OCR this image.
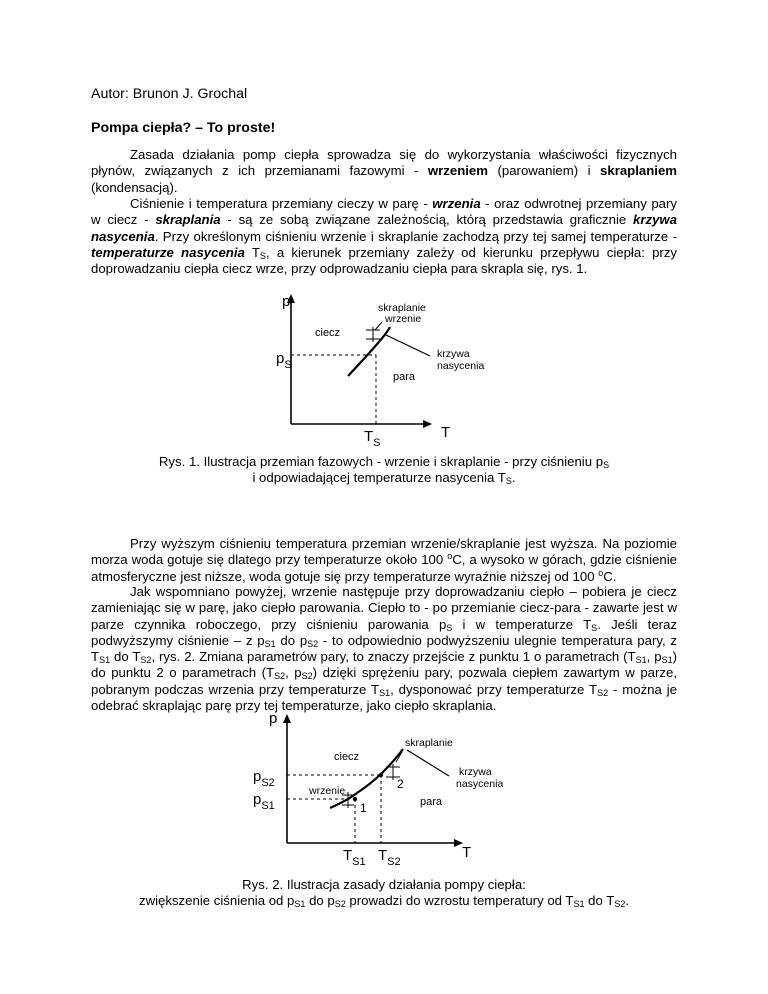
Autor: Brunon J. Grochal
Pompa ciepła? – To proste!
Zasada działania pomp ciepła sprowadza się do wykorzystania właściwości fizycznych płynów, związanych z ich przemianami fazowymi - wrzeniem (parowaniem) i skraplaniem (kondensacją).
Ciśnienie i temperatura przemiany cieczy w parę - wrzenia - oraz odwrotnej przemiany pary w ciecz - skraplania - są ze sobą związane zależnością, którą przedstawia graficznie krzywa nasycenia. Przy określonym ciśnieniu wrzenie i skraplanie zachodzą przy tej samej temperaturze - temperaturze nasycenia $T_S$, a kierunek przemiany zależy od kierunku przepływu ciepła: przy doprowadzaniu ciepła ciecz wrze, przy odprowadzaniu ciepła para skrapla się, rys. 1.
p	skraplanie
wrzenie
ciecz
krzywa
nasycenia
para
$p_S$
$T_S$
T
Rys. 1. Ilustracja przemian fazowych - wrzenie i skraplanie - przy ciśnieniu $p_S$
i odpowiadającej temperaturze nasycenia $T_S$.
Przy wyższym ciśnieniu temperatura przemian wrzenie/skraplanie jest wyższa. Na poziomie morza woda gotuje się dlatego przy temperaturze około 100 $^o$C, a wysoko w górach, gdzie ciśnienie atmosferyczne jest niższe, woda gotuje się przy temperaturze wyraźnie niższej od 100 $^o$C.
Jak wspomniano powyżej, wrzenie następuje przy doprowadzaniu ciepło – pobiera je ciecz zamieniając się w parę, jako ciepło parowania. Ciepło to - po przemianie ciecz-para - zawarte jest w parze czynnika roboczego, przy ciśnieniu parowania $p_S$ i w temperaturze $T_S$. Jeśli teraz podwyższymy ciśnienie – z $p_{S1}$ do $p_{S2}$ - to odpowiednio podwyższeniu ulegnie temperatura pary, z $T_{S1}$ do $T_{S2}$, rys. 2. Zmiana parametrów pary, to znaczy przejście z punktu 1 o parametrach ($T_{S1}$, $p_{S1}$) do punktu 2 o parametrach ($T_{S2}$, $p_{S2}$) dzięki sprężeniu pary, pozwala ciepłem zawartym w parze, pobranym podczas wrzenia przy temperaturze $T_{S1}$, dysponować przy temperaturze $T_{S2}$ - można je odebrać skraplając parę przy tej temperaturze, jako ciepło skraplania.
p
ciecz
skraplanie
krzywa
nasycenia
$p_{S2}$
$p_{S1}$
wrzenie
1
2
para
$T_{S1}$ $T_{S2}$
T
Rys. 2. Ilustracja zasady działania pompy ciepła:
zwiększenie ciśnienia od $p_{S1}$ do $p_{S2}$ prowadzi do wzrostu temperatury od $T_{S1}$ do $T_{S2}$.
